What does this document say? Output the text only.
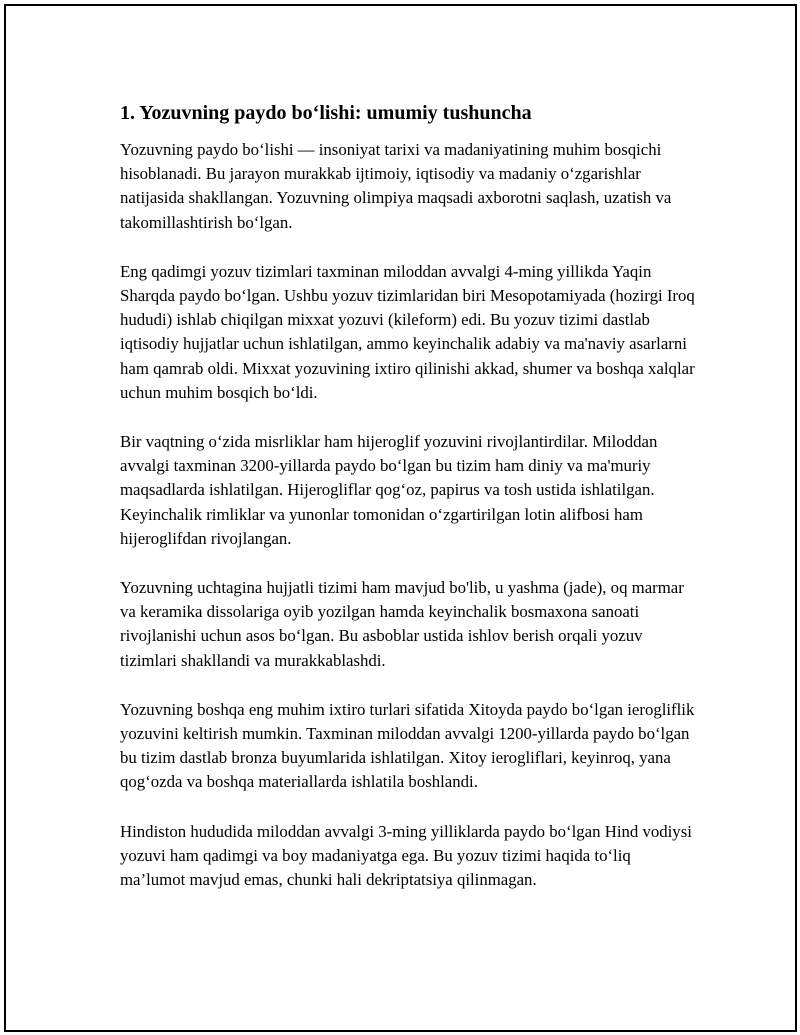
1. Yozuvning paydo bo‘lishi: umumiy tushuncha

Yozuvning paydo bo‘lishi — insoniyat tarixi va madaniyatining muhim bosqichi hisoblanadi. Bu jarayon murakkab ijtimoiy, iqtisodiy va madaniy o‘zgarishlar natijasida shakllangan. Yozuvning olimpiya maqsadi axborotni saqlash, uzatish va takomillashtirish bo‘lgan.

Eng qadimgi yozuv tizimlari taxminan miloddan avvalgi 4-ming yillikda Yaqin Sharqda paydo bo‘lgan. Ushbu yozuv tizimlaridan biri Mesopotamiyada (hozirgi Iroq hududi) ishlab chiqilgan mixxat yozuvi (kileform) edi. Bu yozuv tizimi dastlab iqtisodiy hujjatlar uchun ishlatilgan, ammo keyinchalik adabiy va ma'naviy asarlarni ham qamrab oldi. Mixxat yozuvining ixtiro qilinishi akkad, shumer va boshqa xalqlar uchun muhim bosqich bo‘ldi.

Bir vaqtning o‘zida misrliklar ham hijeroglif yozuvini rivojlantirdilar. Miloddan avvalgi taxminan 3200-yillarda paydo bo‘lgan bu tizim ham diniy va ma'muriy maqsadlarda ishlatilgan. Hijerogliflar qog‘oz, papirus va tosh ustida ishlatilgan. Keyinchalik rimliklar va yunonlar tomonidan o‘zgartirilgan lotin alifbosi ham hijeroglifdan rivojlangan.

Yozuvning uchtagina hujjatli tizimi ham mavjud bo'lib, u yashma (jade), oq marmar va keramika dissolariga oyib yozilgan hamda keyinchalik bosmaxona sanoati rivojlanishi uchun asos bo‘lgan. Bu asboblar ustida ishlov berish orqali yozuv tizimlari shakllandi va murakkablashdi.

Yozuvning boshqa eng muhim ixtiro turlari sifatida Xitoyda paydo bo‘lgan ierogliflik yozuvini keltirish mumkin. Taxminan miloddan avvalgi 1200-yillarda paydo bo‘lgan bu tizim dastlab bronza buyumlarida ishlatilgan. Xitoy ierogliflari, keyinroq, yana qog‘ozda va boshqa materiallarda ishlatila boshlandi.

Hindiston hududida miloddan avvalgi 3-ming yilliklarda paydo bo‘lgan Hind vodiysi yozuvi ham qadimgi va boy madaniyatga ega. Bu yozuv tizimi haqida to‘liq ma’lumot mavjud emas, chunki hali dekriptatsiya qilinmagan.
